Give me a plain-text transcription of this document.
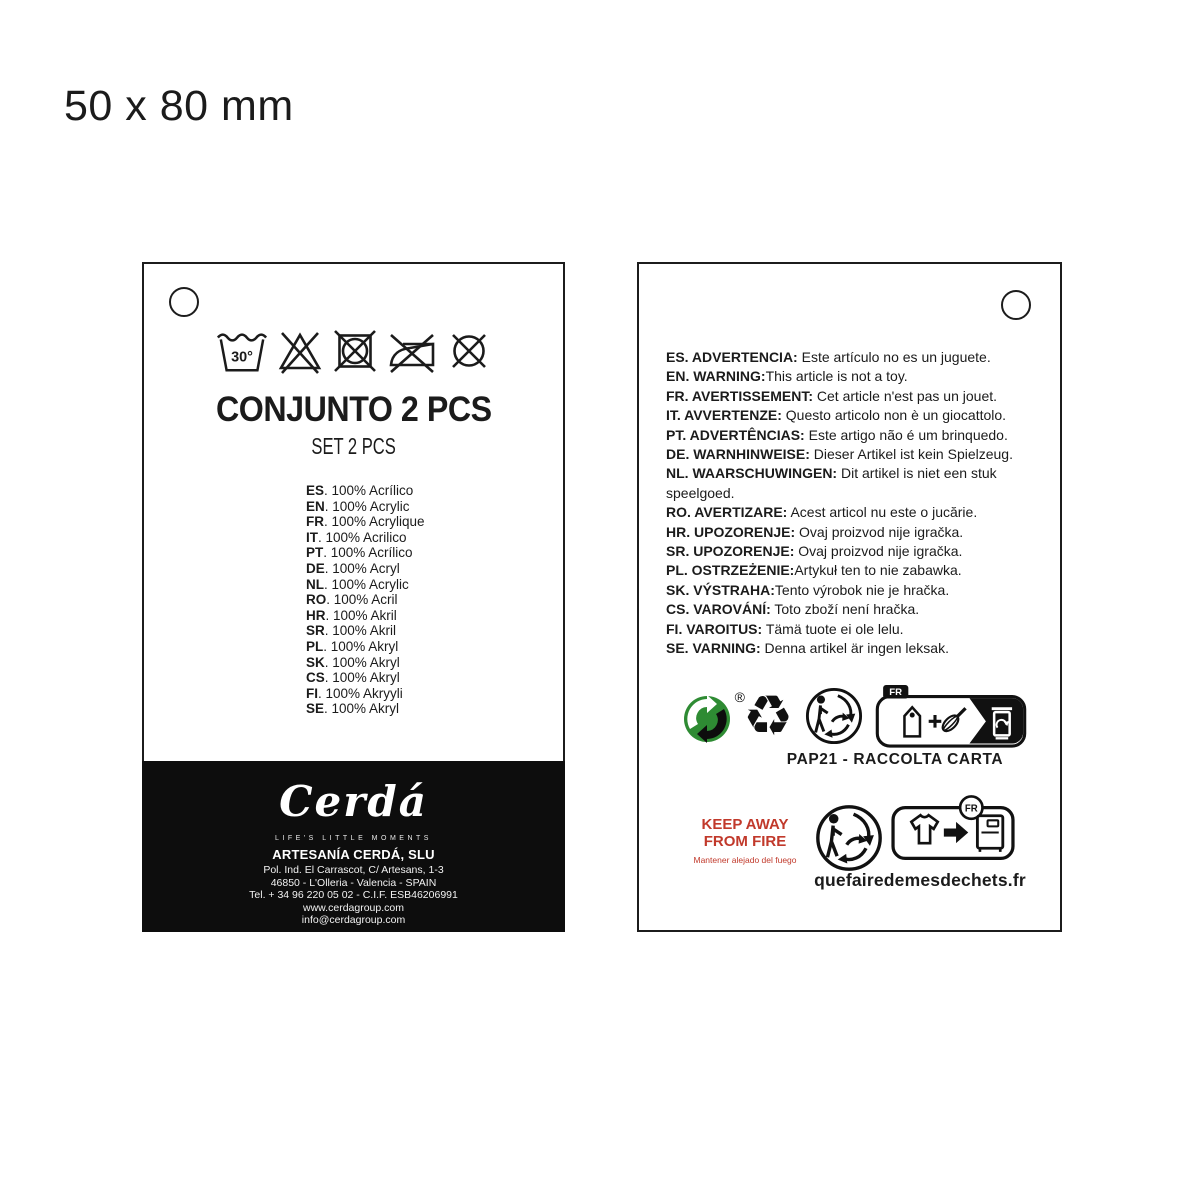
50 x 80 mm
30°
CONJUNTO 2 PCS
SET 2 PCS
ES. 100% Acrílico
EN. 100% Acrylic
FR. 100% Acrylique
IT. 100% Acrilico
PT. 100% Acrílico
DE. 100% Acryl
NL. 100% Acrylic
RO. 100% Acril
HR. 100% Akril
SR. 100% Akril
PL. 100% Akryl
SK. 100% Akryl
CS. 100% Akryl
FI. 100% Akryyli
SE. 100% Akryl
Cerdá
LIFE'S LITTLE MOMENTS
ARTESANÍA CERDÁ, SLU
Pol. Ind. El Carrascot, C/ Artesans, 1-3
46850 - L'Olleria - Valencia - SPAIN
Tel. + 34 96 220 05 02 - C.I.F. ESB46206991
www.cerdagroup.com
info@cerdagroup.com
ES. ADVERTENCIA: Este artículo no es un juguete.
EN. WARNING:This article is not a toy.
FR. AVERTISSEMENT: Cet article n'est pas un jouet.
IT. AVVERTENZE: Questo articolo non è un giocattolo.
PT. ADVERTÊNCIAS: Este artigo não é um brinquedo.
DE. WARNHINWEISE: Dieser Artikel ist kein Spielzeug.
NL. WAARSCHUWINGEN: Dit artikel is niet een stuk speelgoed.
RO. AVERTIZARE: Acest articol nu este o jucărie.
HR. UPOZORENJE: Ovaj proizvod nije igračka.
SR. UPOZORENJE: Ovaj proizvod nije igračka.
PL. OSTRZEŻENIE:Artykuł ten to nie zabawka.
SK. VÝSTRAHA:Tento výrobok nie je hračka.
CS. VAROVÁNÍ: Toto zboží není hračka.
FI. VAROITUS: Tämä tuote ei ole lelu.
SE. VARNING: Denna artikel är ingen leksak.
®
♻	FR
PAP21 - RACCOLTA CARTA
KEEP AWAY
FROM FIRE
Mantener alejado del fuego
FR
quefairedemesdechets.fr
